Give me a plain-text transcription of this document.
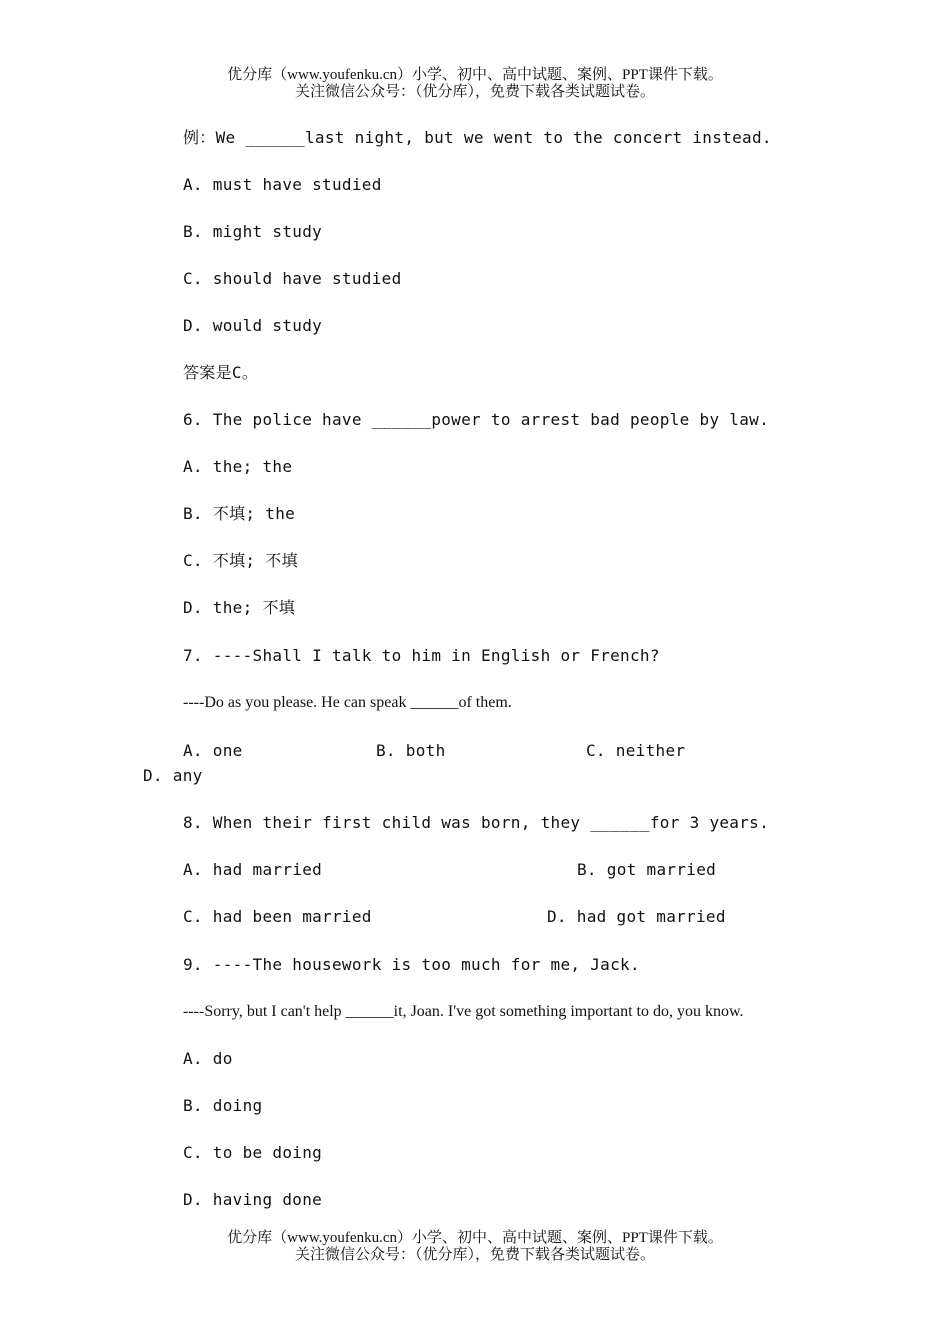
优分库（www.youfenku.cn）小学、初中、高中试题、案例、PPT课件下载。
关注微信公众号：（优分库），免费下载各类试题试卷。
例：We ______last night, but we went to the concert instead.
A. must have studied
B. might study
C. should have studied
D. would study
答案是C。
6. The police have ______power to arrest bad people by law.
A. the; the
B. 不填; the
C. 不填; 不填
D. the; 不填
7. ----Shall I talk to him in English or French?
----Do as you please. He can speak ______of them.
A. one	B. both	C. neither
D. any
8. When their first child was born, they ______for 3 years.
A. had married	B. got married
C. had been married	D. had got married
9. ----The housework is too much for me, Jack.
----Sorry, but I can't help ______it, Joan. I've got something important to do, you know.
A. do
B. doing
C. to be doing
D. having done
优分库（www.youfenku.cn）小学、初中、高中试题、案例、PPT课件下载。
关注微信公众号：（优分库），免费下载各类试题试卷。
